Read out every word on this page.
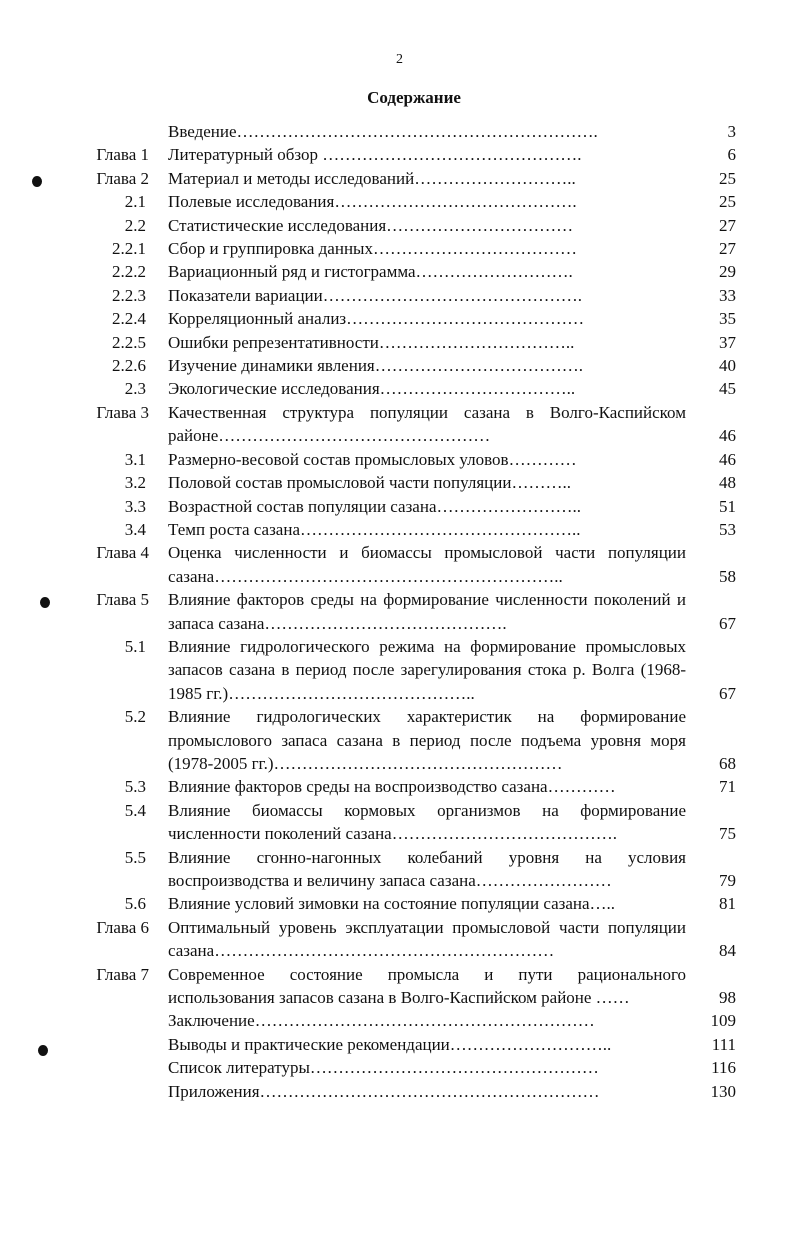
2
Содержание
Введение……………………………………………………….	3
Глава 1	Литературный обзор ……………………………………….	6
Глава 2	Материал и методы исследований………………………..	25
2.1	Полевые исследования…………………………………….	25
2.2	Статистические исследования……………………………	27
2.2.1	Сбор и группировка данных………………………………	27
2.2.2	Вариационный ряд и гистограмма……………………….	29
2.2.3	Показатели вариации……………………………………….	33
2.2.4	Корреляционный анализ……………………………………	35
2.2.5	Ошибки репрезентативности……………………………..	37
2.2.6	Изучение динамики явления……………………………….	40
2.3	Экологические исследования……………………………..	45
Глава 3	Качественная структура популяции сазана в Волго-Каспийском районе…………………………………………	46
3.1	Размерно-весовой состав промысловых уловов…………	46
3.2	Половой состав промысловой части популяции………..	48
3.3	Возрастной состав популяции сазана……………………..	51
3.4	Темп роста сазана…………………………………………..	53
Глава 4	Оценка численности и биомассы промысловой части популяции сазана……………………………………………………..	58
Глава 5	Влияние факторов среды на формирование численности поколений и запаса сазана…………………………………….	67
5.1	Влияние гидрологического режима на формирование промысловых запасов сазана в период после зарегулирования стока р. Волга (1968-1985 гг.)……………………………………..	67
5.2	Влияние гидрологических характеристик на формирование промыслового запаса сазана в период после подъема уровня моря (1978-2005 гг.)……………………………………………	68
5.3	Влияние факторов среды на воспроизводство сазана…………	71
5.4	Влияние биомассы кормовых организмов на формирование численности поколений сазана………………………………….	75
5.5	Влияние сгонно-нагонных колебаний уровня на условия воспроизводства и величину запаса сазана……………………	79
5.6	Влияние условий зимовки на состояние популяции сазана…..	81
Глава 6	Оптимальный уровень эксплуатации промысловой части популяции сазана……………………………………………………	84
Глава 7	Современное состояние промысла и пути рационального использования запасов сазана в Волго-Каспийском районе ……	98
Заключение……………………………………………………	109
Выводы и практические рекомендации………………………..	111
Список литературы……………………………………………	116
Приложения……………………………………………………	130
